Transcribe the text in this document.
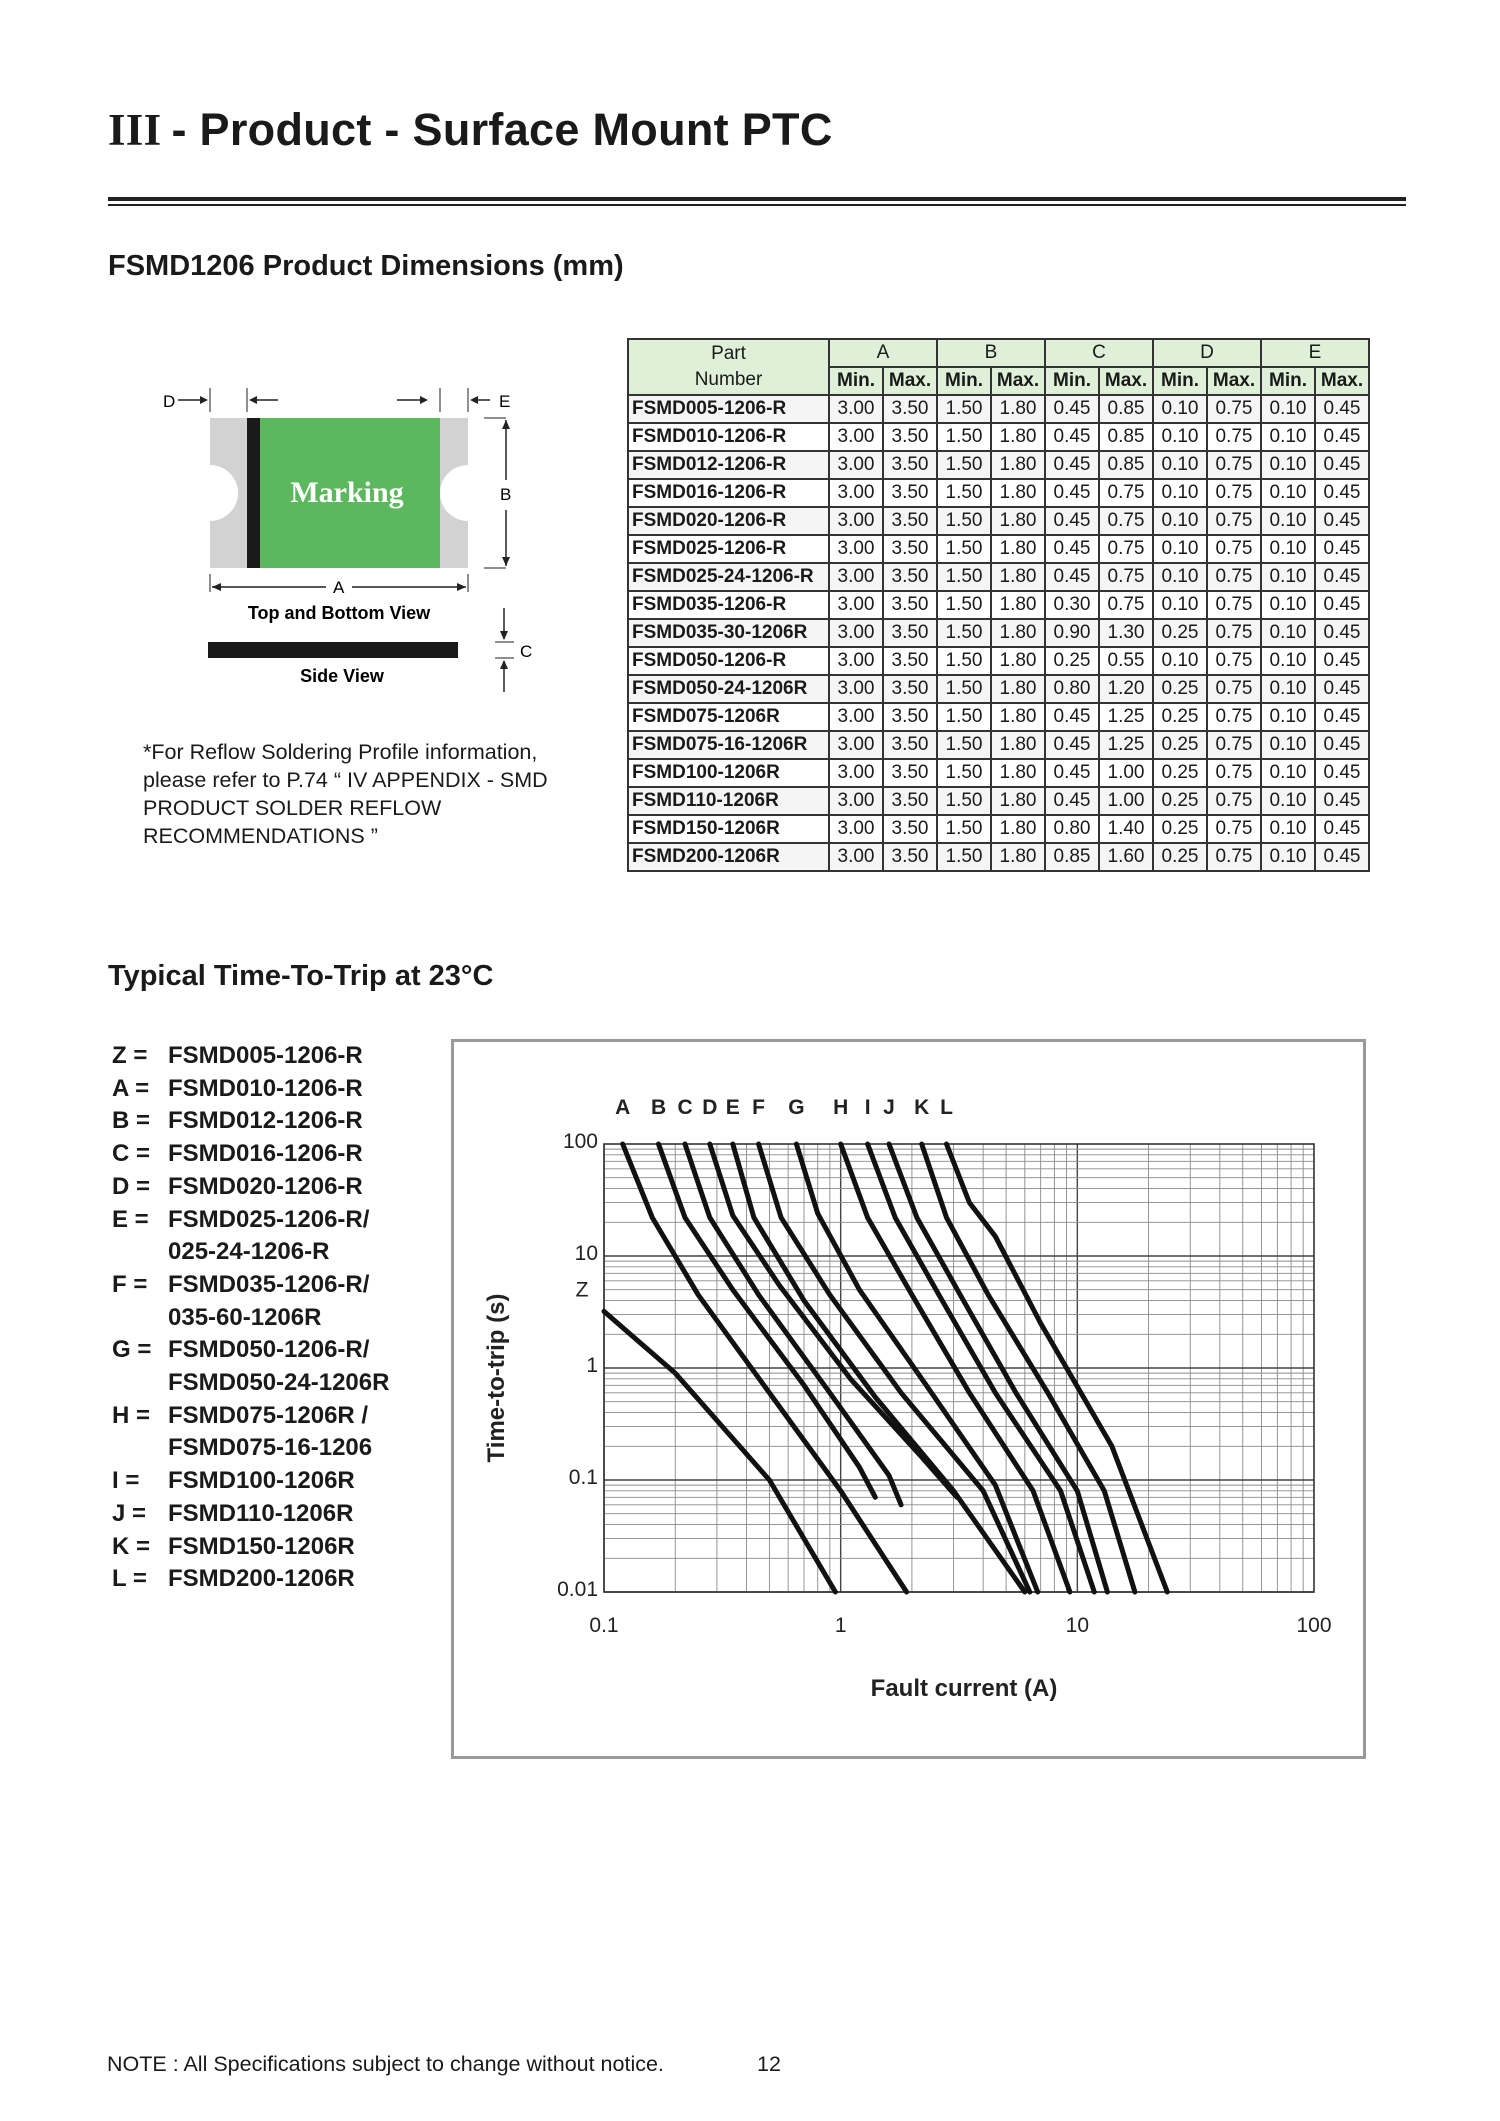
III - Product - Surface Mount PTC
FSMD1206 Product Dimensions (mm)
Marking
D	E
B
A
Top and Bottom View
C
Side View
*For Reflow Soldering Profile information,
please refer to P.74 “ IV APPENDIX - SMD
PRODUCT SOLDER REFLOW
RECOMMENDATIONS ”
Part
Number	A		B		C		D		E	
	Min.	Max.	Min.	Max.	Min.	Max.	Min.	Max.	Min.	Max.
FSMD005-1206-R	3.00	3.50	1.50	1.80	0.45	0.85	0.10	0.75	0.10	0.45
FSMD010-1206-R	3.00	3.50	1.50	1.80	0.45	0.85	0.10	0.75	0.10	0.45
FSMD012-1206-R	3.00	3.50	1.50	1.80	0.45	0.85	0.10	0.75	0.10	0.45
FSMD016-1206-R	3.00	3.50	1.50	1.80	0.45	0.75	0.10	0.75	0.10	0.45
FSMD020-1206-R	3.00	3.50	1.50	1.80	0.45	0.75	0.10	0.75	0.10	0.45
FSMD025-1206-R	3.00	3.50	1.50	1.80	0.45	0.75	0.10	0.75	0.10	0.45
FSMD025-24-1206-R	3.00	3.50	1.50	1.80	0.45	0.75	0.10	0.75	0.10	0.45
FSMD035-1206-R	3.00	3.50	1.50	1.80	0.30	0.75	0.10	0.75	0.10	0.45
FSMD035-30-1206R	3.00	3.50	1.50	1.80	0.90	1.30	0.25	0.75	0.10	0.45
FSMD050-1206-R	3.00	3.50	1.50	1.80	0.25	0.55	0.10	0.75	0.10	0.45
FSMD050-24-1206R	3.00	3.50	1.50	1.80	0.80	1.20	0.25	0.75	0.10	0.45
FSMD075-1206R	3.00	3.50	1.50	1.80	0.45	1.25	0.25	0.75	0.10	0.45
FSMD075-16-1206R	3.00	3.50	1.50	1.80	0.45	1.25	0.25	0.75	0.10	0.45
FSMD100-1206R	3.00	3.50	1.50	1.80	0.45	1.00	0.25	0.75	0.10	0.45
FSMD110-1206R	3.00	3.50	1.50	1.80	0.45	1.00	0.25	0.75	0.10	0.45
FSMD150-1206R	3.00	3.50	1.50	1.80	0.80	1.40	0.25	0.75	0.10	0.45
FSMD200-1206R	3.00	3.50	1.50	1.80	0.85	1.60	0.25	0.75	0.10	0.45
Typical Time-To-Trip at 23°C
Z = FSMD005-1206-R
A = FSMD010-1206-R
B = FSMD012-1206-R
C = FSMD016-1206-R
D = FSMD020-1206-R
E = FSMD025-1206-R/
025-24-1206-R
F = FSMD035-1206-R/
035-60-1206R
G = FSMD050-1206-R/
FSMD050-24-1206R
H = FSMD075-1206R /
FSMD075-16-1206
I =	FSMD100-1206R
J = FSMD110-1206R
K = FSMD150-1206R
L = FSMD200-1206R
0.1	1	10	100
100
10
1
0.1
0.01
Fault current (A)
Time-to-trip (s)
Z
A B C D E F G H I J K L
NOTE : All Specifications subject to change without notice.	12
